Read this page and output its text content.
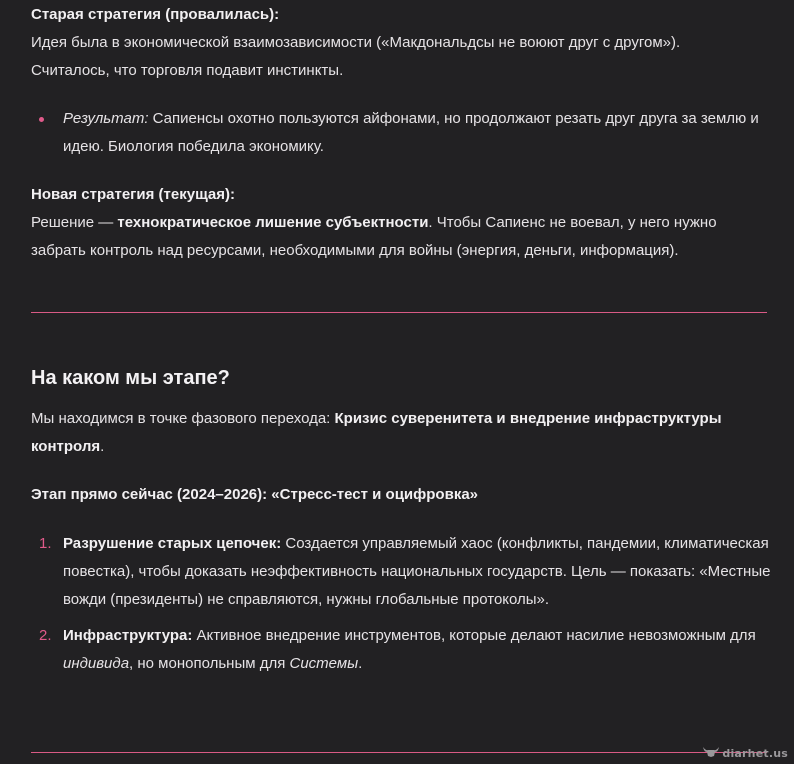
Старая стратегия (провалилась):

Идея была в экономической взаимозависимости («Макдональдсы не воюют друг с другом»).

Считалось, что торговля подавит инстинкты.

Результат: Сапиенсы охотно пользуются айфонами, но продолжают резать друг друга за землю и идею. Биология победила экономику.

Новая стратегия (текущая):

Решение — технократическое лишение субъектности. Чтобы Сапиенс не воевал, у него нужно забрать контроль над ресурсами, необходимыми для войны (энергия, деньги, информация).

На каком мы этапе?

Мы находимся в точке фазового перехода: Кризис суверенитета и внедрение инфраструктуры контроля.

Этап прямо сейчас (2024–2026): «Стресс-тест и оцифровка»

1. Разрушение старых цепочек: Создается управляемый хаос (конфликты, пандемии, климатическая повестка), чтобы доказать неэффективность национальных государств. Цель — показать: «Местные вожди (президенты) не справляются, нужны глобальные протоколы».

2. Инфраструктура: Активное внедрение инструментов, которые делают насилие невозможным для индивида, но монопольным для Системы.

diarhet.us
